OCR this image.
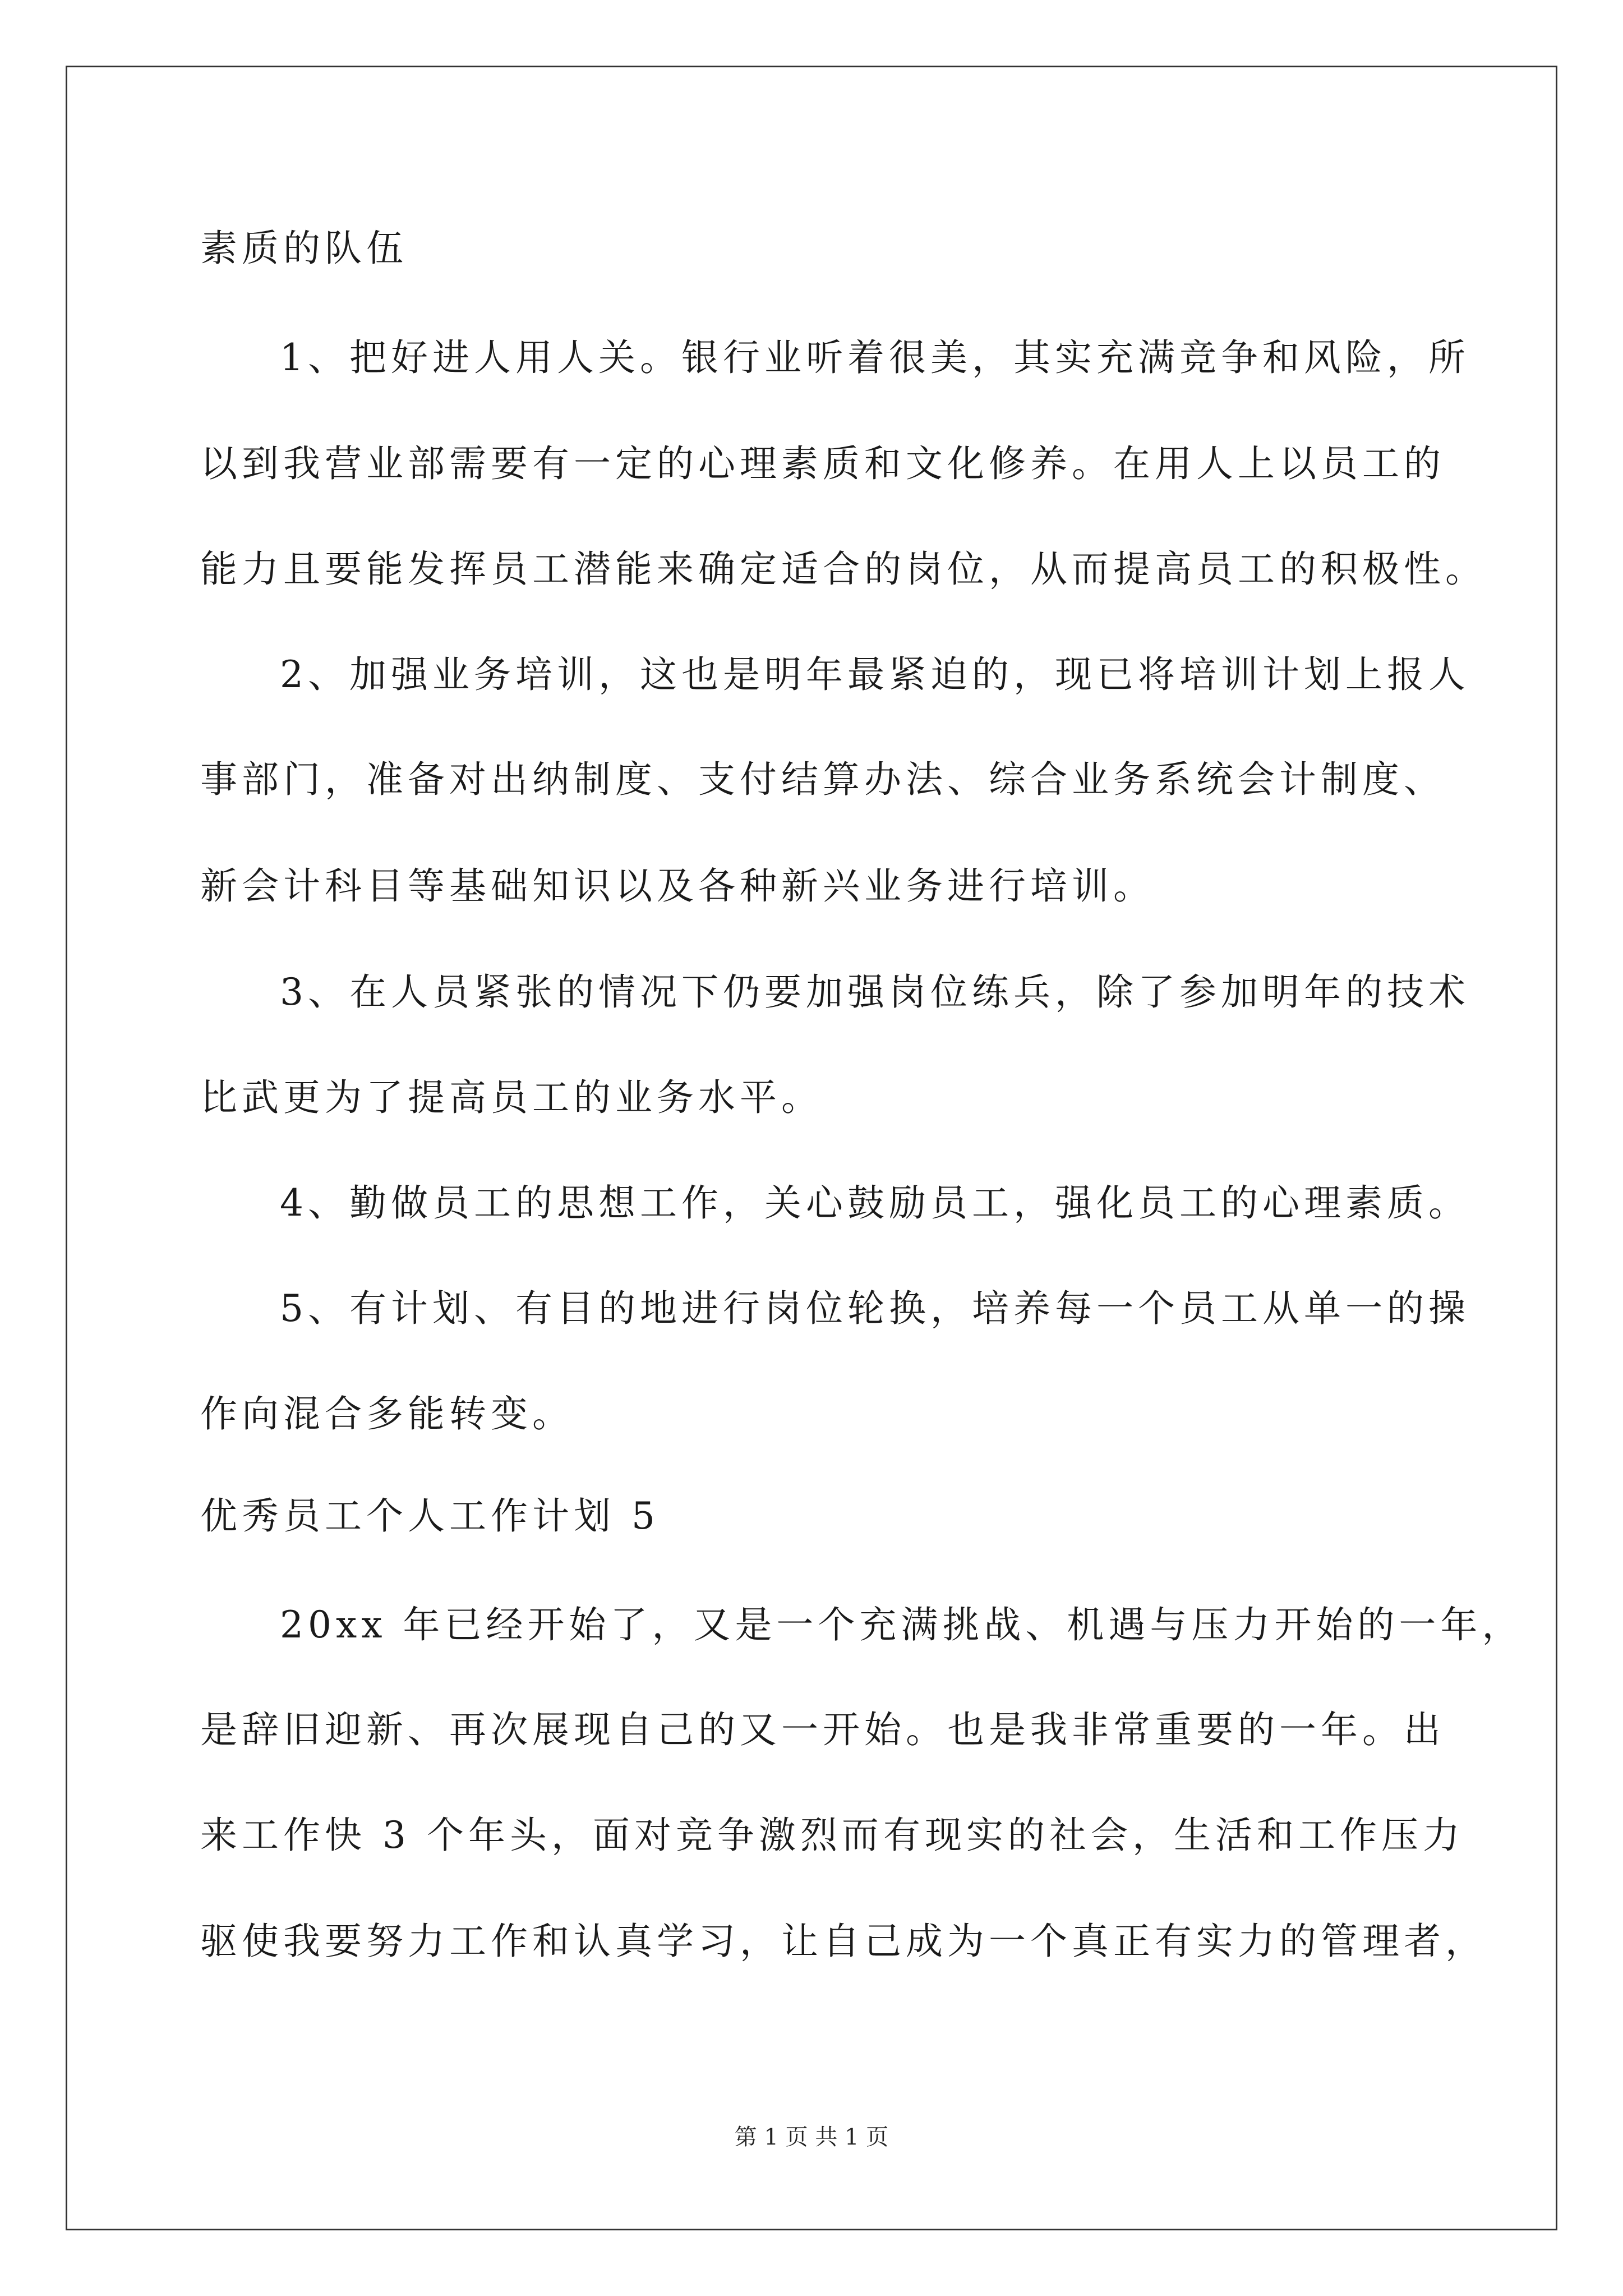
素质的队伍
1、把好进人用人关。银行业听着很美，其实充满竞争和风险，所
以到我营业部需要有一定的心理素质和文化修养。在用人上以员工的
能力且要能发挥员工潜能来确定适合的岗位，从而提高员工的积极性。
2、加强业务培训，这也是明年最紧迫的，现已将培训计划上报人
事部门，准备对出纳制度、支付结算办法、综合业务系统会计制度、
新会计科目等基础知识以及各种新兴业务进行培训。
3、在人员紧张的情况下仍要加强岗位练兵，除了参加明年的技术
比武更为了提高员工的业务水平。
4、勤做员工的思想工作，关心鼓励员工，强化员工的心理素质。
5、有计划、有目的地进行岗位轮换，培养每一个员工从单一的操
作向混合多能转变。
优秀员工个人工作计划 5
20xx 年已经开始了，又是一个充满挑战、机遇与压力开始的一年，
是辞旧迎新、再次展现自己的又一开始。也是我非常重要的一年。出
来工作快 3 个年头，面对竞争激烈而有现实的社会，生活和工作压力
驱使我要努力工作和认真学习，让自己成为一个真正有实力的管理者，
第 1 页 共 1 页
